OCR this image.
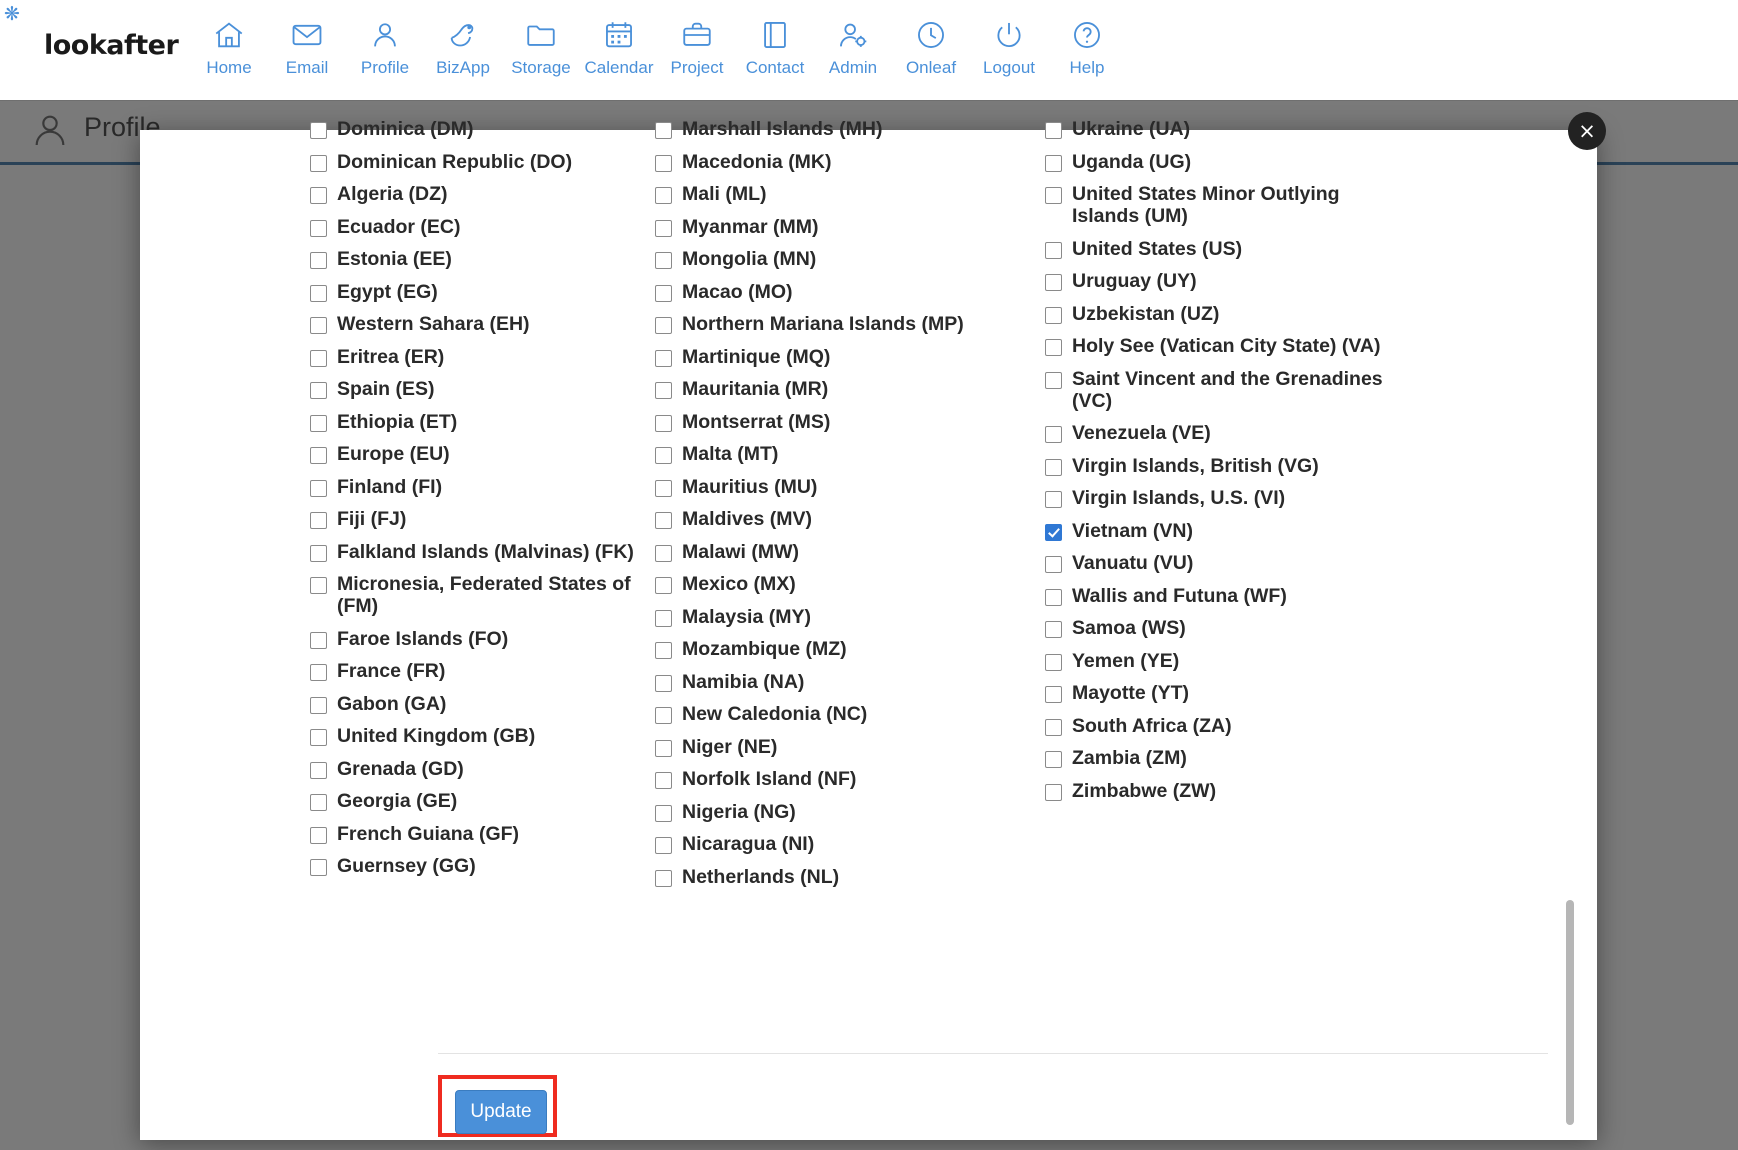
❋
lookafter
Home	Email	Profile	BizApp	Storage Calendar	Project	Contact	Admin	Onleaf	Logout	Help
Dominica (DM)
Dominican Republic (DO)
Algeria (DZ)
Ecuador (EC)
Estonia (EE)
Egypt (EG)
Western Sahara (EH)
Eritrea (ER)
Spain (ES)
Ethiopia (ET)
Europe (EU)
Finland (FI)
Fiji (FJ)
Falkland Islands (Malvinas) (FK)
Micronesia, Federated States of (FM)
Faroe Islands (FO)
France (FR)
Gabon (GA)
United Kingdom (GB)
Grenada (GD)
Georgia (GE)
French Guiana (GF)
Guernsey (GG)
Marshall Islands (MH)
Macedonia (MK)
Mali (ML)
Myanmar (MM)
Mongolia (MN)
Macao (MO)
Northern Mariana Islands (MP)
Martinique (MQ)
Mauritania (MR)
Montserrat (MS)
Malta (MT)
Mauritius (MU)
Maldives (MV)
Malawi (MW)
Mexico (MX)
Malaysia (MY)
Mozambique (MZ)
Namibia (NA)
New Caledonia (NC)
Niger (NE)
Norfolk Island (NF)
Nigeria (NG)
Nicaragua (NI)
Netherlands (NL)
Ukraine (UA)
Uganda (UG)
United States Minor Outlying Islands (UM)
United States (US)
Uruguay (UY)
Uzbekistan (UZ)
Holy See (Vatican City State) (VA)
Saint Vincent and the Grenadines (VC)
Venezuela (VE)
Virgin Islands, British (VG)
Virgin Islands, U.S. (VI)
Vietnam (VN)
Vanuatu (VU)
Wallis and Futuna (WF)
Samoa (WS)
Yemen (YE)
Mayotte (YT)
South Africa (ZA)
Zambia (ZM)
Zimbabwe (ZW)
Update
×
